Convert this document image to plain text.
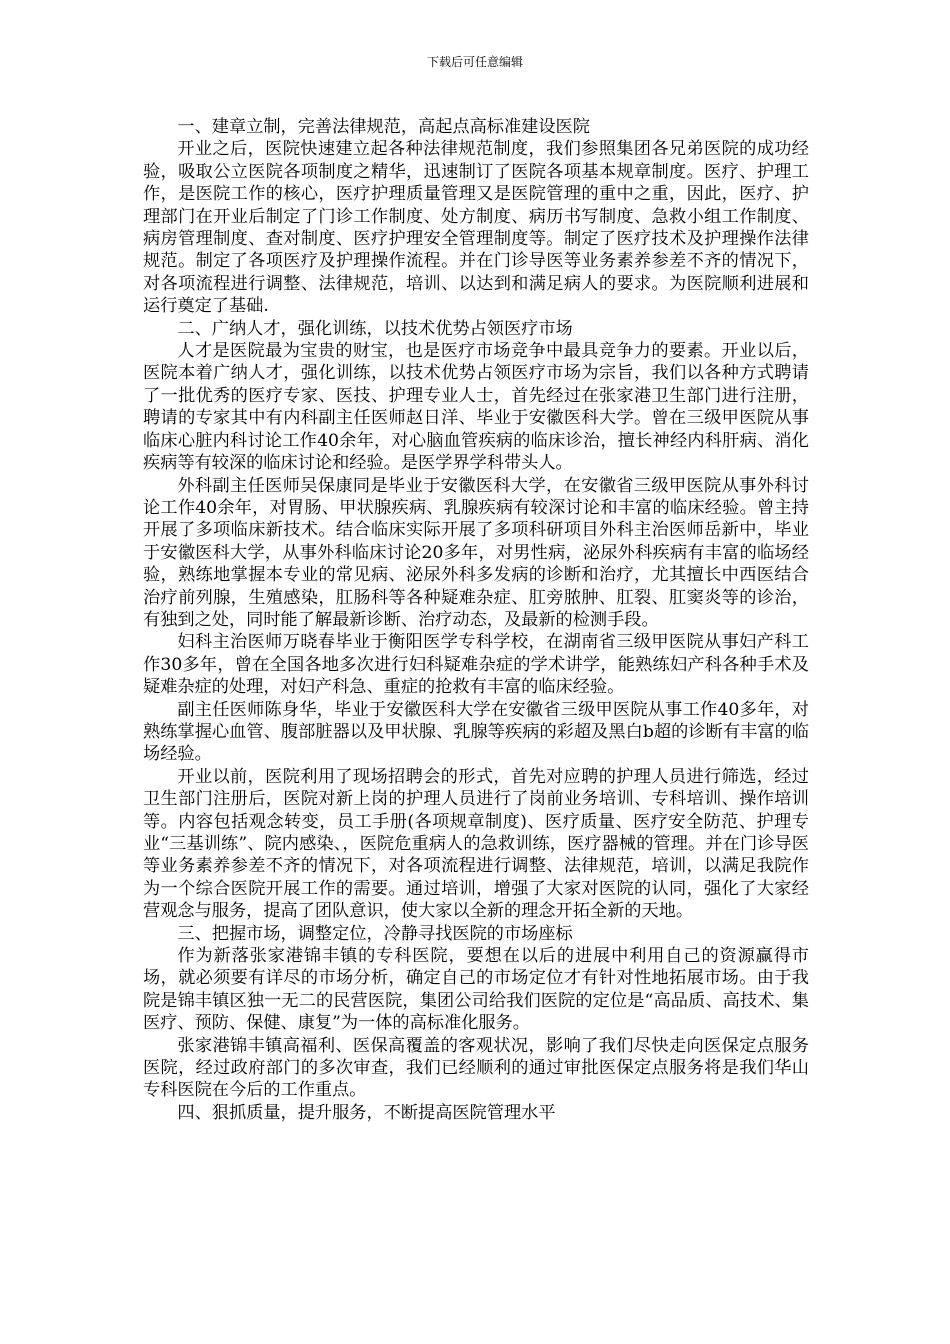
下载后可任意编辑

一、建章立制，完善法律规范，高起点高标准建设医院

开业之后，医院快速建立起各种法律规范制度，我们参照集团各兄弟医院的成功经验，吸取公立医院各项制度之精华，迅速制订了医院各项基本规章制度。医疗、护理工作，是医院工作的核心，医疗护理质量管理又是医院管理的重中之重，因此，医疗、护理部门在开业后制定了门诊工作制度、处方制度、病历书写制度、急救小组工作制度、病房管理制度、查对制度、医疗护理安全管理制度等。制定了医疗技术及护理操作法律规范。制定了各项医疗及护理操作流程。并在门诊导医等业务素养参差不齐的情况下，对各项流程进行调整、法律规范，培训、以达到和满足病人的要求。为医院顺利进展和运行奠定了基础.

二、广纳人才，强化训练，以技术优势占领医疗市场

人才是医院最为宝贵的财宝，也是医疗市场竞争中最具竞争力的要素。开业以后，医院本着广纳人才，强化训练，以技术优势占领医疗市场为宗旨，我们以各种方式聘请了一批优秀的医疗专家、医技、护理专业人士，首先经过在张家港卫生部门进行注册，聘请的专家其中有内科副主任医师赵日洋、毕业于安徽医科大学。曾在三级甲医院从事临床心脏内科讨论工作40余年，对心脑血管疾病的临床诊治，擅长神经内科肝病、消化疾病等有较深的临床讨论和经验。是医学界学科带头人。

外科副主任医师吴保康同是毕业于安徽医科大学，在安徽省三级甲医院从事外科讨论工作40余年，对胃肠、甲状腺疾病、乳腺疾病有较深讨论和丰富的临床经验。曾主持开展了多项临床新技术。结合临床实际开展了多项科研项目外科主治医师岳新中，毕业于安徽医科大学，从事外科临床讨论20多年，对男性病，泌尿外科疾病有丰富的临场经验，熟练地掌握本专业的常见病、泌尿外科多发病的诊断和治疗，尤其擅长中西医结合治疗前列腺，生殖感染，肛肠科等各种疑难杂症、肛旁脓肿、肛裂、肛窦炎等的诊治，有独到之处，同时能了解最新诊断、治疗动态，及最新的检测手段。

妇科主治医师万晓春毕业于衡阳医学专科学校，在湖南省三级甲医院从事妇产科工作30多年，曾在全国各地多次进行妇科疑难杂症的学术讲学，能熟练妇产科各种手术及疑难杂症的处理，对妇产科急、重症的抢救有丰富的临床经验。

副主任医师陈身华，毕业于安徽医科大学在安徽省三级甲医院从事工作40多年，对熟练掌握心血管、腹部脏器以及甲状腺、乳腺等疾病的彩超及黑白b超的诊断有丰富的临场经验。

开业以前，医院利用了现场招聘会的形式，首先对应聘的护理人员进行筛选，经过卫生部门注册后，医院对新上岗的护理人员进行了岗前业务培训、专科培训、操作培训等。内容包括观念转变，员工手册(各项规章制度)、医疗质量、医疗安全防范、护理专业“三基训练”、院内感染、，医院危重病人的急救训练，医疗器械的管理。并在门诊导医等业务素养参差不齐的情况下，对各项流程进行调整、法律规范，培训，以满足我院作为一个综合医院开展工作的需要。通过培训，增强了大家对医院的认同，强化了大家经营观念与服务，提高了团队意识，使大家以全新的理念开拓全新的天地。

三、把握市场，调整定位，冷静寻找医院的市场座标

作为新落张家港锦丰镇的专科医院，要想在以后的进展中利用自己的资源赢得市场，就必须要有详尽的市场分析，确定自己的市场定位才有针对性地拓展市场。由于我院是锦丰镇区独一无二的民营医院，集团公司给我们医院的定位是“高品质、高技术、集医疗、预防、保健、康复”为一体的高标准化服务。

张家港锦丰镇高福利、医保高覆盖的客观状况，影响了我们尽快走向医保定点服务医院，经过政府部门的多次审查，我们已经顺利的通过审批医保定点服务将是我们华山专科医院在今后的工作重点。

四、狠抓质量，提升服务，不断提高医院管理水平
